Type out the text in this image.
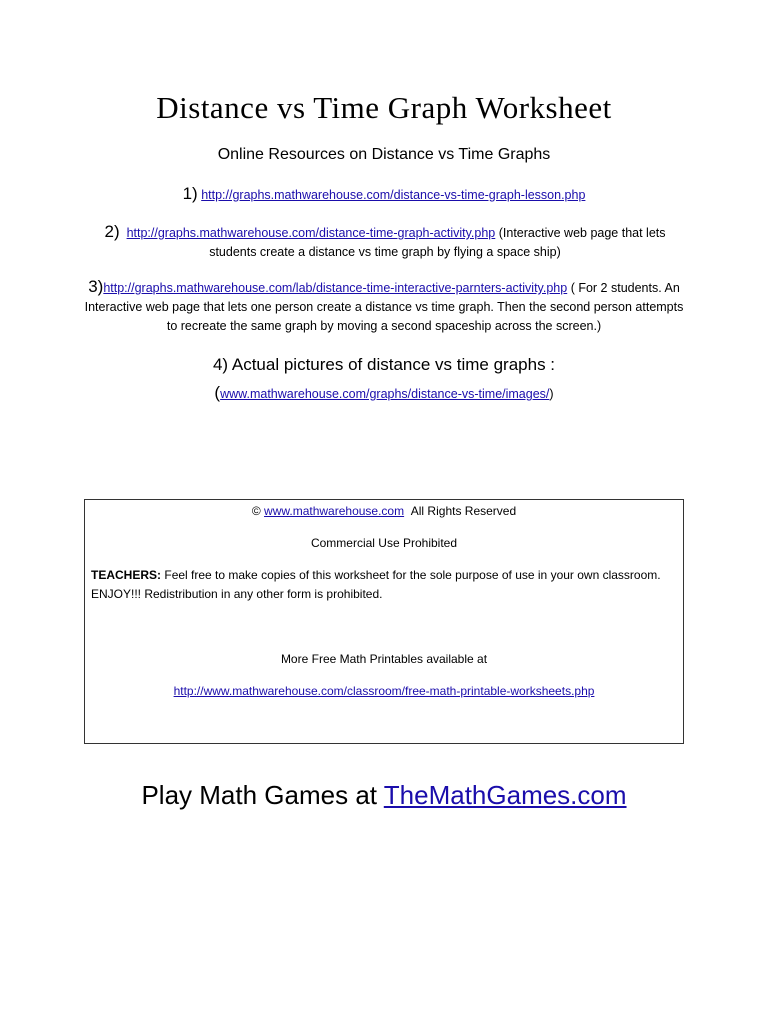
Distance vs Time Graph Worksheet
Online Resources on Distance vs Time Graphs
1) http://graphs.mathwarehouse.com/distance-vs-time-graph-lesson.php
2) http://graphs.mathwarehouse.com/distance-time-graph-activity.php (Interactive web page that lets students create a distance vs time graph by flying a space ship)
3)http://graphs.mathwarehouse.com/lab/distance-time-interactive-parnters-activity.php ( For 2 students. An Interactive web page that lets one person create a distance vs time graph. Then the second person attempts to recreate the same graph by moving a second spaceship across the screen.)
4) Actual pictures of distance vs time graphs :
(www.mathwarehouse.com/graphs/distance-vs-time/images/)
© www.mathwarehouse.com All Rights Reserved
Commercial Use Prohibited
TEACHERS: Feel free to make copies of this worksheet for the sole purpose of use in your own classroom. ENJOY!!! Redistribution in any other form is prohibited.
More Free Math Printables available at
http://www.mathwarehouse.com/classroom/free-math-printable-worksheets.php
Play Math Games at TheMathGames.com
